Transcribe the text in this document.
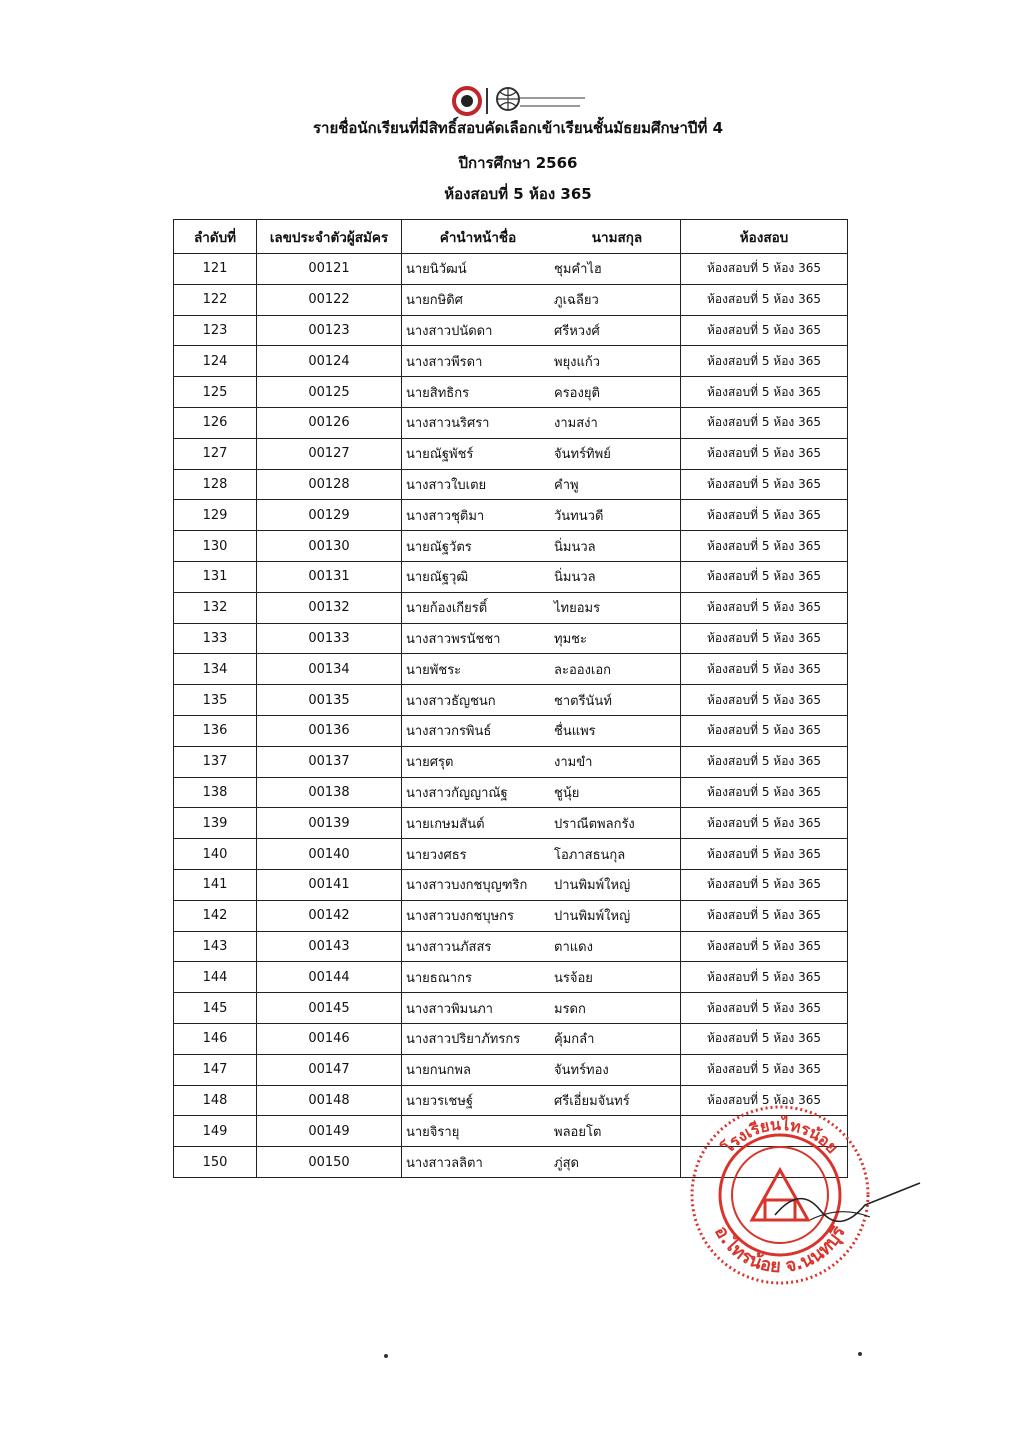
รายชื่อนักเรียนที่มีสิทธิ์สอบคัดเลือกเข้าเรียนชั้นมัธยมศึกษาปีที่ 4
ปีการศึกษา 2566
ห้องสอบที่ 5 ห้อง 365
ลำดับที่	เลขประจำตัวผู้สมัคร	คำนำหน้าชื่อ นามสกุล	ห้องสอบ
121	00121	นายนิวัฒน์ ชุมคำไฮ	ห้องสอบที่ 5 ห้อง 365
122	00122	นายกษิดิศ ภูเฉลียว	ห้องสอบที่ 5 ห้อง 365
123	00123	นางสาวปนัดดา ศรีหวงศ์	ห้องสอบที่ 5 ห้อง 365
124	00124	นางสาวพีรดา พยุงแก้ว	ห้องสอบที่ 5 ห้อง 365
125	00125	นายสิทธิกร ครองยุติ	ห้องสอบที่ 5 ห้อง 365
126	00126	นางสาวนริศรา งามสง่า	ห้องสอบที่ 5 ห้อง 365
127	00127	นายณัฐพัชร์ จันทร์ทิพย์	ห้องสอบที่ 5 ห้อง 365
128	00128	นางสาวใบเตย คำพู	ห้องสอบที่ 5 ห้อง 365
129	00129	นางสาวชุติมา วันทนวดี	ห้องสอบที่ 5 ห้อง 365
130	00130	นายณัฐวัตร นิ่มนวล	ห้องสอบที่ 5 ห้อง 365
131	00131	นายณัฐวุฒิ นิ่มนวล	ห้องสอบที่ 5 ห้อง 365
132	00132	นายก้องเกียรติ์ ไทยอมร	ห้องสอบที่ 5 ห้อง 365
133	00133	นางสาวพรนัชชา ทุมชะ	ห้องสอบที่ 5 ห้อง 365
134	00134	นายพัชระ ละอองเอก	ห้องสอบที่ 5 ห้อง 365
135	00135	นางสาวธัญชนก ชาตรีนันท์	ห้องสอบที่ 5 ห้อง 365
136	00136	นางสาวกรพินธ์ ชื่นแพร	ห้องสอบที่ 5 ห้อง 365
137	00137	นายศรุต งามขำ	ห้องสอบที่ 5 ห้อง 365
138	00138	นางสาวกัญญาณัฐ ชูนุ้ย	ห้องสอบที่ 5 ห้อง 365
139	00139	นายเกษมสันต์ ปราณีตพลกรัง	ห้องสอบที่ 5 ห้อง 365
140	00140	นายวงศธร โอภาสธนกุล	ห้องสอบที่ 5 ห้อง 365
141	00141	นางสาวบงกชบุญฑริก ปานพิมพ์ใหญ่	ห้องสอบที่ 5 ห้อง 365
142	00142	นางสาวบงกชบุษกร ปานพิมพ์ใหญ่	ห้องสอบที่ 5 ห้อง 365
143	00143	นางสาวนภัสสร ตาแดง	ห้องสอบที่ 5 ห้อง 365
144	00144	นายธณากร นรจ้อย	ห้องสอบที่ 5 ห้อง 365
145	00145	นางสาวพิมนภา มรดก	ห้องสอบที่ 5 ห้อง 365
146	00146	นางสาวปริยาภัทรกร คุ้มกลำ	ห้องสอบที่ 5 ห้อง 365
147	00147	นายกนกพล จันทร์ทอง	ห้องสอบที่ 5 ห้อง 365
148	00148	นายวรเชษฐ์ ศรีเอี่ยมจันทร์	ห้องสอบที่ 5 ห้อง 365
149	00149	นายจิรายุ พลอยโต	

150	00150	นางสาวลลิตา ภู่สุด	

โรงเรียนไทรน้อย
อ.ไทรน้อย จ.นนทบุรี
